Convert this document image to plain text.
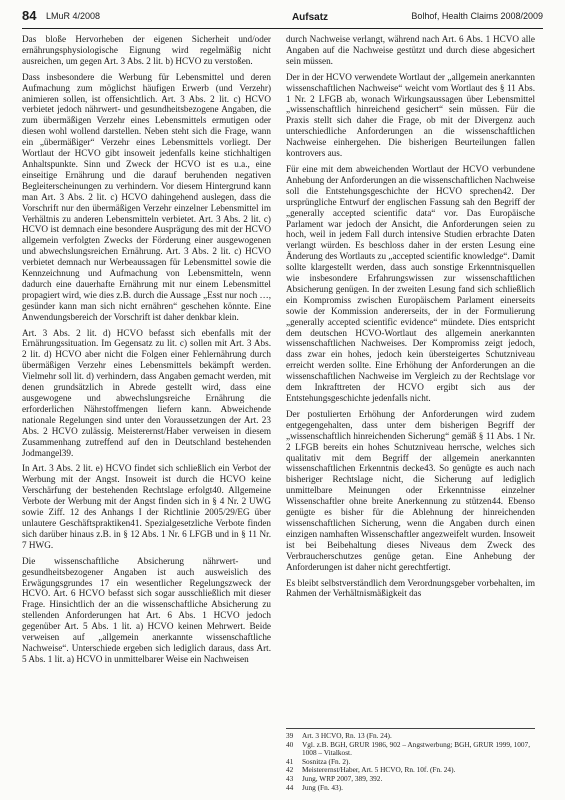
84 LMuR 4/2008	Aufsatz	Bolhof, Health Claims 2008/2009

Das bloße Hervorheben der eigenen Sicherheit und/oder ernährungsphysiologische Eignung wird regelmäßig nicht ausreichen, um gegen Art. 3 Abs. 2 lit. b) HCVO zu verstoßen.

Dass insbesondere die Werbung für Lebensmittel und deren Aufmachung zum möglichst häufigen Erwerb (und Verzehr) animieren sollen, ist offensichtlich. Art. 3 Abs. 2 lit. c) HCVO verbietet jedoch nährwert- und gesundheitsbezogene Angaben, die zum übermäßigen Verzehr eines Lebensmittels ermutigen oder diesen wohl wollend darstellen. Neben steht sich die Frage, wann ein „übermäßiger“ Verzehr eines Lebensmittels vorliegt. Der Wortlaut der HCVO gibt insoweit jedenfalls keine stichhaltigen Anhaltspunkte. Sinn und Zweck der HCVO ist es u.a., eine einseitige Ernährung und die darauf beruhenden negativen Begleiterscheinungen zu verhindern. Vor diesem Hintergrund kann man Art. 3 Abs. 2 lit. c) HCVO dahingehend auslegen, dass die Vorschrift nur den übermäßigen Verzehr einzelner Lebensmittel im Verhältnis zu anderen Lebensmitteln verbietet. Art. 3 Abs. 2 lit. c) HCVO ist demnach eine besondere Ausprägung des mit der HCVO allgemein verfolgten Zwecks der Förderung einer ausgewogenen und abwechslungsreichen Ernährung. Art. 3 Abs. 2 lit. c) HCVO verbietet demnach nur Werbeaussagen für Lebensmittel sowie die Kennzeichnung und Aufmachung von Lebensmitteln, wenn dadurch eine dauerhafte Ernährung mit nur einem Lebensmittel propagiert wird, wie dies z.B. durch die Aussage „Esst nur noch …, gesünder kann man sich nicht ernähren“ geschehen könnte. Eine Anwendungsbereich der Vorschrift ist daher denkbar klein.

Art. 3 Abs. 2 lit. d) HCVO befasst sich ebenfalls mit der Ernährungssituation. Im Gegensatz zu lit. c) sollen mit Art. 3 Abs. 2 lit. d) HCVO aber nicht die Folgen einer Fehlernährung durch übermäßigen Verzehr eines Lebensmittels bekämpft werden. Vielmehr soll lit. d) verhindern, dass Angaben gemacht werden, mit denen grundsätzlich in Abrede gestellt wird, dass eine ausgewogene und abwechslungsreiche Ernährung die erforderlichen Nährstoffmengen liefern kann. Abweichende nationale Regelungen sind unter den Voraussetzungen der Art. 23 Abs. 2 HCVO zulässig. Meisterernst/Haber verweisen in diesem Zusammenhang zutreffend auf den in Deutschland bestehenden Jodmangel39.

In Art. 3 Abs. 2 lit. e) HCVO findet sich schließlich ein Verbot der Werbung mit der Angst. Insoweit ist durch die HCVO keine Verschärfung der bestehenden Rechtslage erfolgt40. Allgemeine Verbote der Werbung mit der Angst finden sich in § 4 Nr. 2 UWG sowie Ziff. 12 des Anhangs I der Richtlinie 2005/29/EG über unlautere Geschäftspraktiken41. Spezialgesetzliche Verbote finden sich darüber hinaus z.B. in § 12 Abs. 1 Nr. 6 LFGB und in § 11 Nr. 7 HWG.

Die wissenschaftliche Absicherung nährwert- und gesundheitsbezogener Angaben ist auch ausweislich des Erwägungsgrundes 17 ein wesentlicher Regelungszweck der HCVO. Art. 6 HCVO befasst sich sogar ausschließlich mit dieser Frage. Hinsichtlich der an die wissenschaftliche Absicherung zu stellenden Anforderungen hat Art. 6 Abs. 1 HCVO jedoch gegenüber Art. 5 Abs. 1 lit. a) HCVO keinen Mehrwert. Beide verweisen auf „allgemein anerkannte wissenschaftliche Nachweise“. Unterschiede ergeben sich lediglich daraus, dass Art. 5 Abs. 1 lit. a) HCVO in unmittelbarer Weise ein Nachweisen

durch Nachweise verlangt, während nach Art. 6 Abs. 1 HCVO alle Angaben auf die Nachweise gestützt und durch diese abgesichert sein müssen.

Der in der HCVO verwendete Wortlaut der „allgemein anerkannten wissenschaftlichen Nachweise“ weicht vom Wortlaut des § 11 Abs. 1 Nr. 2 LFGB ab, wonach Wirkungsaussagen über Lebensmittel „wissenschaftlich hinreichend gesichert“ sein müssen. Für die Praxis stellt sich daher die Frage, ob mit der Divergenz auch unterschiedliche Anforderungen an die wissenschaftlichen Nachweise einhergehen. Die bisherigen Beurteilungen fallen kontrovers aus.

Für eine mit dem abweichenden Wortlaut der HCVO verbundene Anhebung der Anforderungen an die wissenschaftlichen Nachweise soll die Entstehungsgeschichte der HCVO sprechen42. Der ursprüngliche Entwurf der englischen Fassung sah den Begriff der „generally accepted scientific data“ vor. Das Europäische Parlament war jedoch der Ansicht, die Anforderungen seien zu hoch, weil in jedem Fall durch intensive Studien erbrachte Daten verlangt würden. Es beschloss daher in der ersten Lesung eine Änderung des Wortlauts zu „accepted scientific knowledge“. Damit sollte klargestellt werden, dass auch sonstige Erkenntnisquellen wie insbesondere Erfahrungswissen zur wissenschaftlichen Absicherung genügen. In der zweiten Lesung fand sich schließlich ein Kompromiss zwischen Europäischem Parlament einerseits sowie der Kommission andererseits, der in der Formulierung „generally accepted scientific evidence“ mündete. Dies entspricht dem deutschen HCVO-Wortlaut des allgemein anerkannten wissenschaftlichen Nachweises. Der Kompromiss zeigt jedoch, dass zwar ein hohes, jedoch kein übersteigertes Schutzniveau erreicht werden sollte. Eine Erhöhung der Anforderungen an die wissenschaftlichen Nachweise im Vergleich zu der Rechtslage vor dem Inkrafttreten der HCVO ergibt sich aus der Entstehungsgeschichte jedenfalls nicht.

Der postulierten Erhöhung der Anforderungen wird zudem entgegengehalten, dass unter dem bisherigen Begriff der „wissenschaftlich hinreichenden Sicherung“ gemäß § 11 Abs. 1 Nr. 2 LFGB bereits ein hohes Schutzniveau herrsche, welches sich qualitativ mit dem Begriff der allgemein anerkannten wissenschaftlichen Erkenntnis decke43. So genügte es auch nach bisheriger Rechtslage nicht, die Sicherung auf lediglich unmittelbare Meinungen oder Erkenntnisse einzelner Wissenschaftler ohne breite Anerkennung zu stützen44. Ebenso genügte es bisher für die Ablehnung der hinreichenden wissenschaftlichen Sicherung, wenn die Angaben durch einen einzigen namhaften Wissenschaftler angezweifelt wurden. Insoweit ist bei Beibehaltung dieses Niveaus dem Zweck des Verbraucherschutzes genüge getan. Eine Anhebung der Anforderungen ist daher nicht gerechtfertigt.

Es bleibt selbstverständlich dem Verordnungsgeber vorbehalten, im Rahmen der Verhältnismäßigkeit das

39	Art. 3 HCVO, Rn. 13 (Fn. 24).
40	Vgl. z.B. BGH, GRUR 1986, 902 – Angstwerbung; BGH, GRUR 1999, 1007, 1008 – Vitalkost.
41	Sosnitza (Fn. 2).
42	Meisterernst/Haber, Art. 5 HCVO, Rn. 10f. (Fn. 24).
43	Jung, WRP 2007, 389, 392.
44	Jung (Fn. 43).
